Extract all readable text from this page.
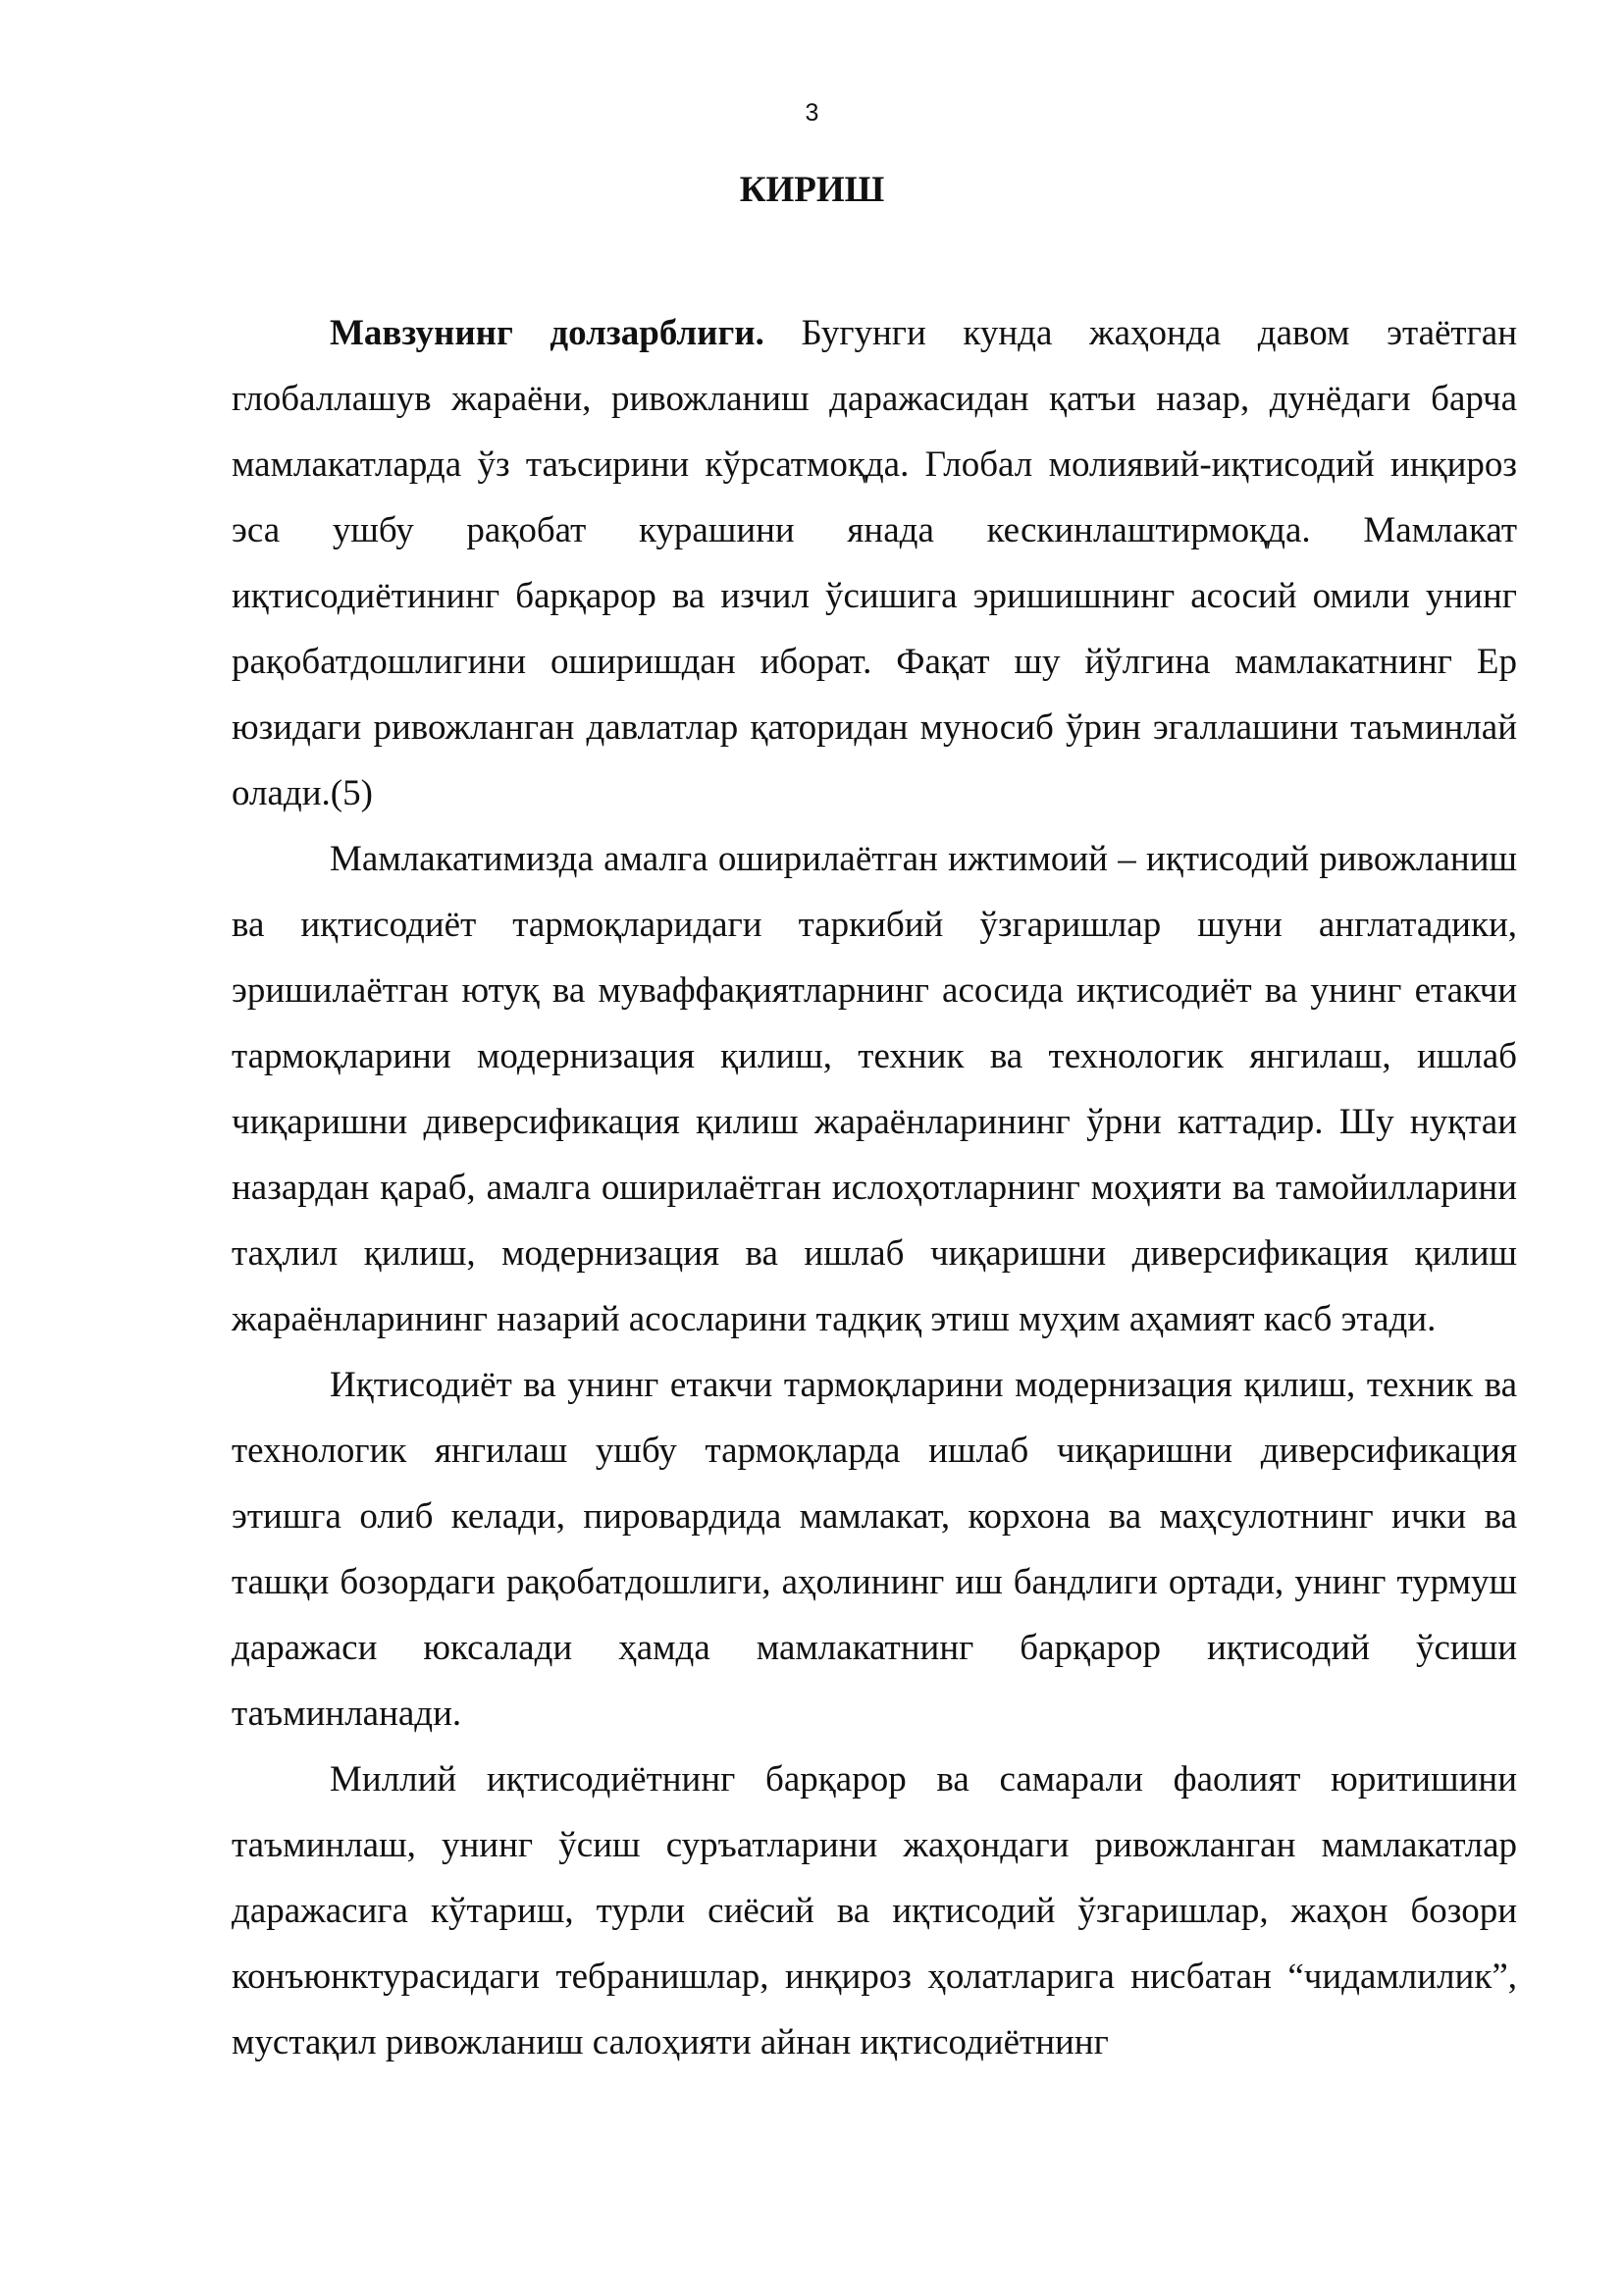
3
КИРИШ

Мавзунинг долзарблиги. Бугунги кунда жаҳонда давом этаётган глобаллашув жараёни, ривожланиш даражасидан қатъи назар, дунёдаги барча мамлакатларда ўз таъсирини кўрсатмоқда. Глобал молиявий-иқтисодий инқироз эса ушбу рақобат курашини янада кескинлаштирмоқда. Мамлакат иқтисодиётининг барқарор ва изчил ўсишига эришишнинг асосий омили унинг рақобатдошлигини оширишдан иборат. Фақат шу йўлгина мамлакатнинг Ер юзидаги ривожланган давлатлар қаторидан муносиб ўрин эгаллашини таъминлай олади.(5)

Мамлакатимизда амалга оширилаётган ижтимоий – иқтисодий ривожланиш ва иқтисодиёт тармоқларидаги таркибий ўзгаришлар шуни англатадики, эришилаётган ютуқ ва муваффақиятларнинг асосида иқтисодиёт ва унинг етакчи тармоқларини модернизация қилиш, техник ва технологик янгилаш, ишлаб чиқаришни диверсификация қилиш жараёнларининг ўрни каттадир. Шу нуқтаи назардан қараб, амалга оширилаётган ислоҳотларнинг моҳияти ва тамойилларини таҳлил қилиш, модернизация ва ишлаб чиқаришни диверсификация қилиш жараёнларининг назарий асосларини тадқиқ этиш муҳим аҳамият касб этади.

Иқтисодиёт ва унинг етакчи тармоқларини модернизация қилиш, техник ва технологик янгилаш ушбу тармоқларда ишлаб чиқаришни диверсификация этишга олиб келади, пировардида мамлакат, корхона ва маҳсулотнинг ички ва ташқи бозордаги рақобатдошлиги, аҳолининг иш бандлиги ортади, унинг турмуш даражаси юксалади ҳамда мамлакатнинг барқарор иқтисодий ўсиши таъминланади.

Миллий иқтисодиётнинг барқарор ва самарали фаолият юритишини таъминлаш, унинг ўсиш суръатларини жаҳондаги ривожланган мамлакатлар даражасига кўтариш, турли сиёсий ва иқтисодий ўзгаришлар, жаҳон бозори конъюнктурасидаги тебранишлар, инқироз ҳолатларига нисбатан “чидамлилик”, мустақил ривожланиш салоҳияти айнан иқтисодиётнинг
